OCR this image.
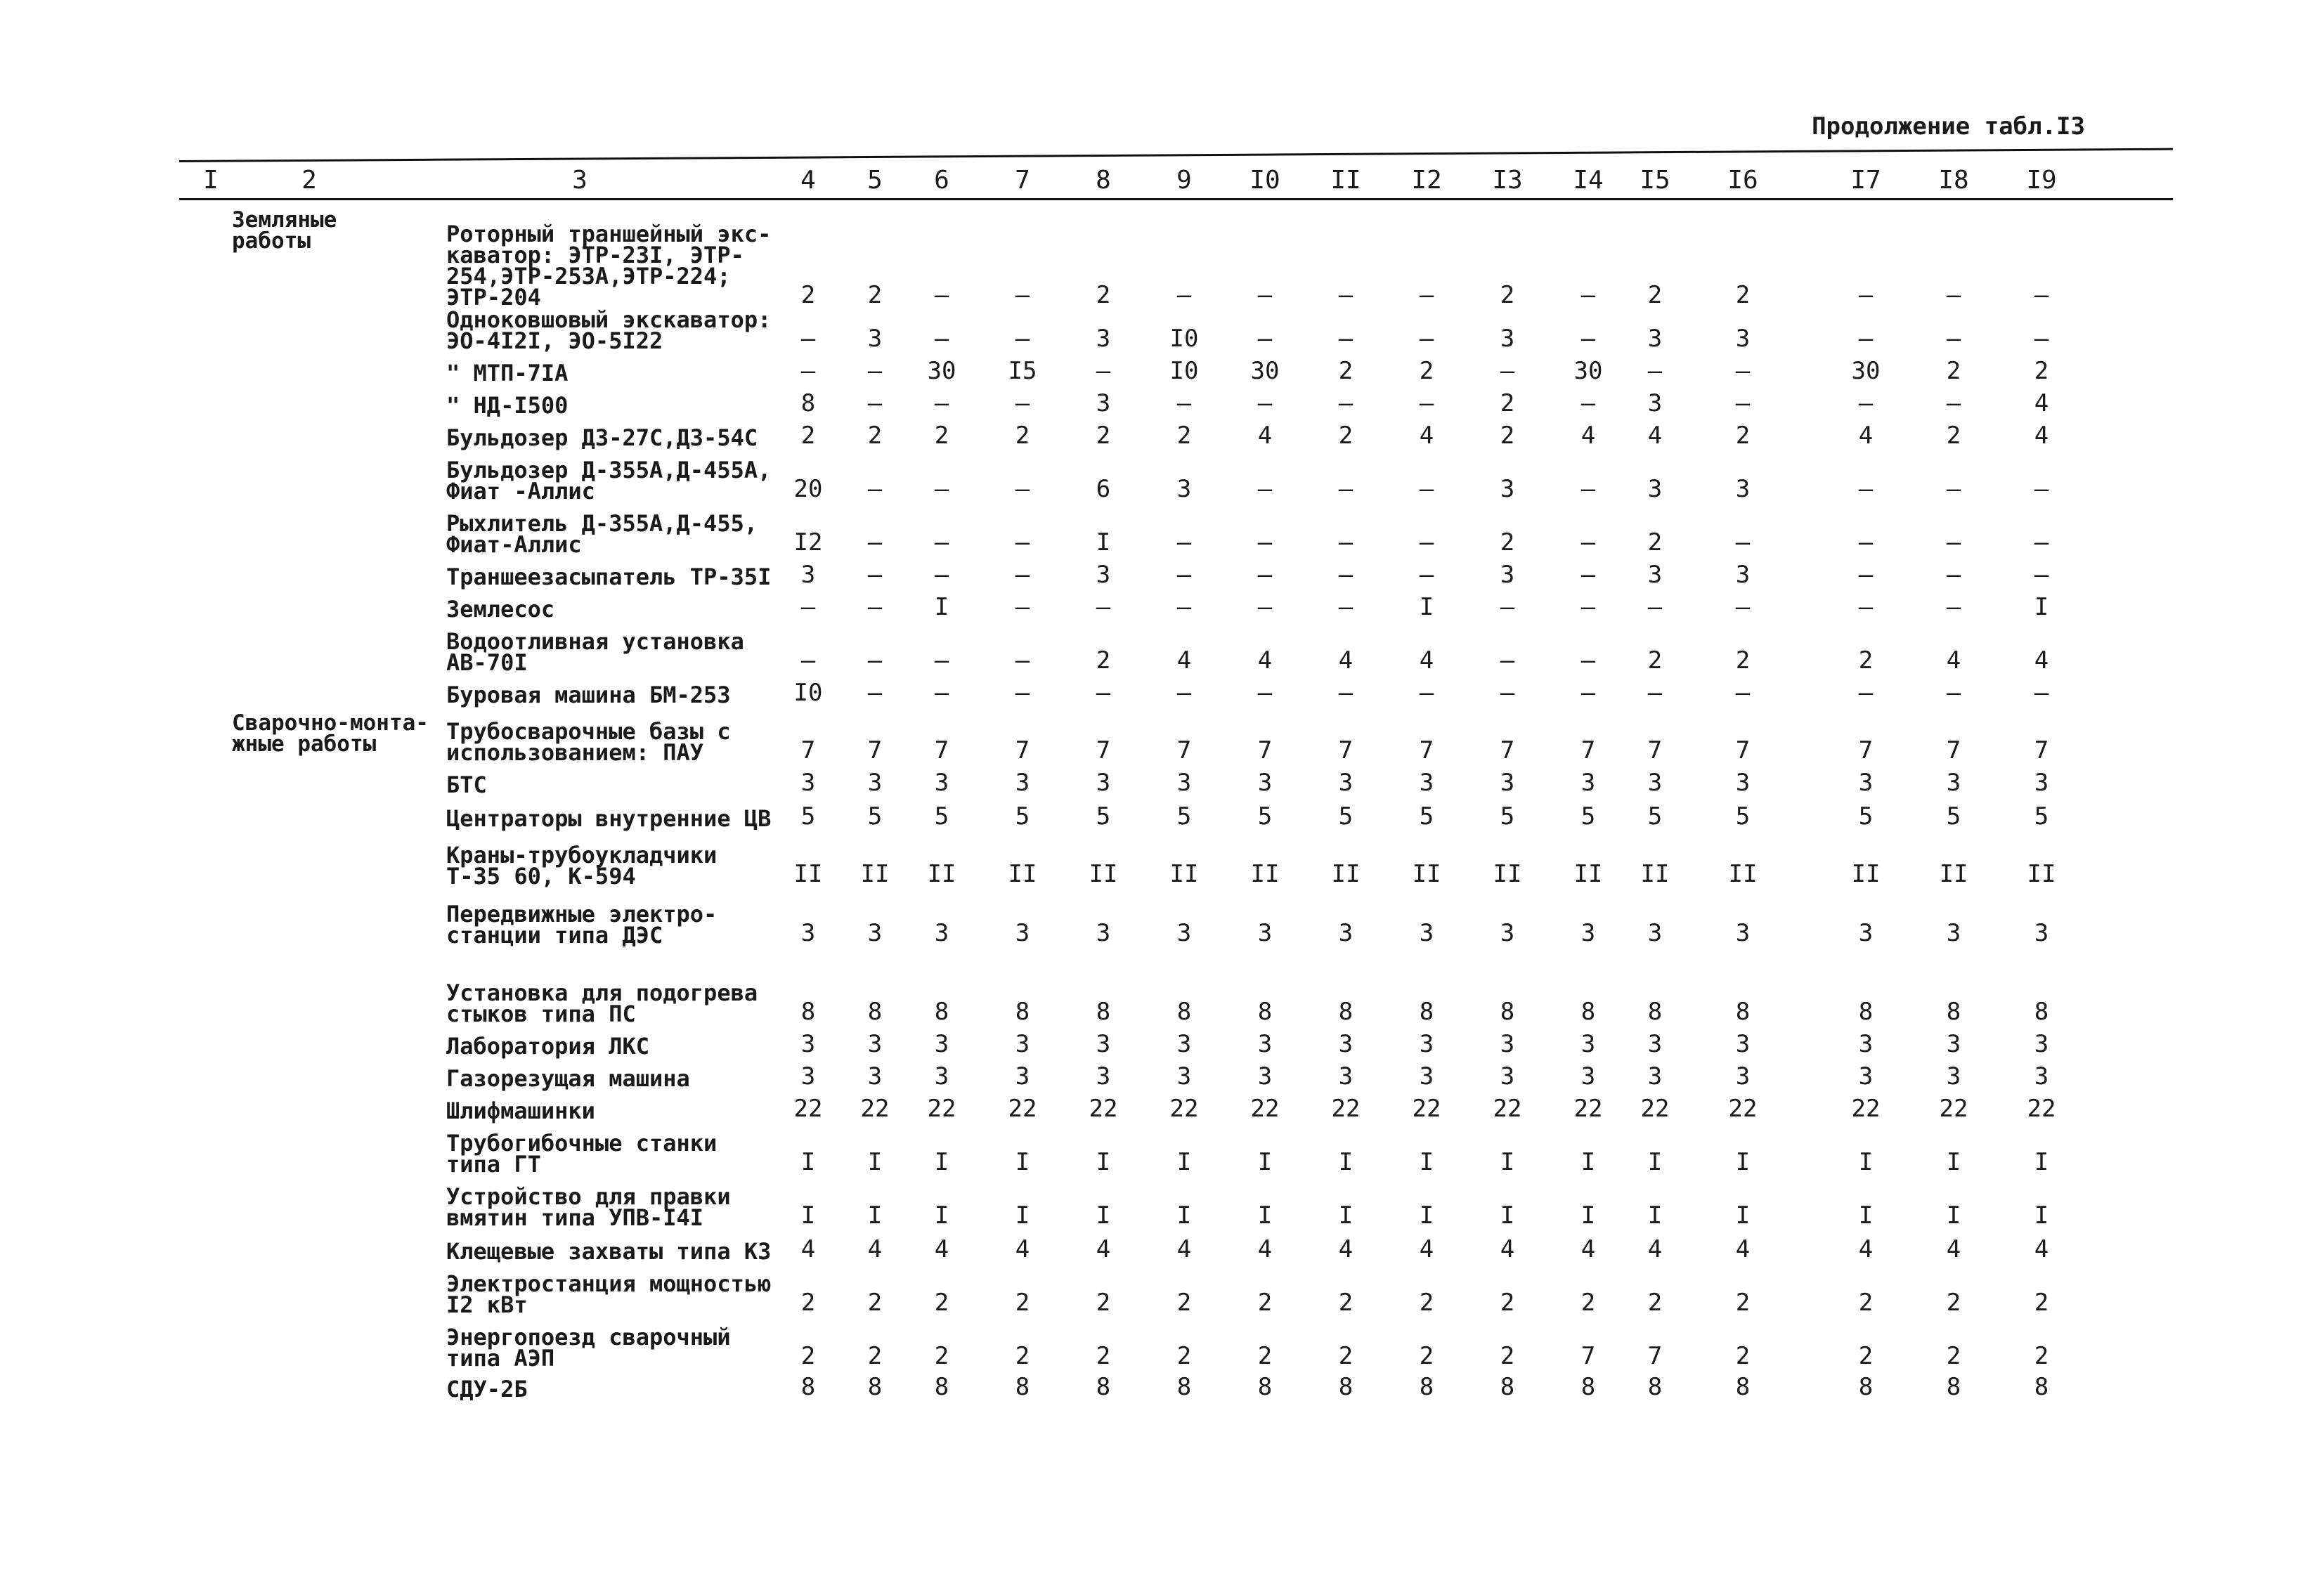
Продолжение табл.I3
I	2	3	4	5	6	7	8	9	I0	II	I2	I3	I4	I5	I6	I7	I8	I9
Земляные
работы	Роторный траншейный экс-
каватор: ЭТР-23I, ЭТР-
254,ЭТР-253А,ЭТР-224;
ЭТР-204	2	2	–	–	2	–	–	–	–	2	–	2	2	–	–	–
Одноковшовый экскаватор:
ЭО-4I2I, ЭО-5I22	–	3	–	–	3	I0	–	–	–	3	–	3	3	–	–	–
" МТП-7IА	–	–	30	I5	–	I0	30	2	2	–	30	–	–	30	2	2
" НД-I500	8	–	–	–	3	–	–	–	–	2	–	3	–	–	–	4
Бульдозер ДЗ-27С,ДЗ-54С	2	2	2	2	2	2	4	2	4	2	4	4	2	4	2	4
Бульдозер Д-355А,Д-455А,
Фиат -Аллис	20	–	–	–	6	3	–	–	–	3	–	3	3	–	–	–
Рыхлитель Д-355А,Д-455,
Фиат-Аллис	I2	–	–	–	I	–	–	–	–	2	–	2	–	–	–	–
Траншеезасыпатель ТР-35I	3	–	–	–	3	–	–	–	–	3	–	3	3	–	–	–
Землесос	–	–	I	–	–	–	–	–	I	–	–	–	–	–	–	I
Водоотливная установка
АВ-70I	–	–	–	–	2	4	4	4	4	–	–	2	2	2	4	4
Буровая машина БМ-253	I0	–	–	–	–	–	–	–	–	–	–	–	–	–	–	–
Сварочно-монта-
жные работы	Трубосварочные базы с
использованием: ПАУ	7	7	7	7	7	7	7	7	7	7	7	7	7	7	7	7
БТС	3	3	3	3	3	3	3	3	3	3	3	3	3	3	3	3
Центраторы внутренние ЦВ	5	5	5	5	5	5	5	5	5	5	5	5	5	5	5	5
Краны-трубоукладчики
Т-35 60, К-594	II	II	II	II	II	II	II	II	II	II	II	II	II	II	II	II
Передвижные электро-
станции типа ДЭС	3	3	3	3	3	3	3	3	3	3	3	3	3	3	3	3
Установка для подогрева
стыков типа ПС	8	8	8	8	8	8	8	8	8	8	8	8	8	8	8	8
Лаборатория ЛКС	3	3	3	3	3	3	3	3	3	3	3	3	3	3	3	3
Газорезущая машина	3	3	3	3	3	3	3	3	3	3	3	3	3	3	3	3
Шлифмашинки	22	22	22	22	22	22	22	22	22	22	22	22	22	22	22	22
Трубогибочные станки
типа ГТ	I	I	I	I	I	I	I	I	I	I	I	I	I	I	I	I
Устройство для правки
вмятин типа УПВ-I4I	I	I	I	I	I	I	I	I	I	I	I	I	I	I	I	I
Клещевые захваты типа КЗ	4	4	4	4	4	4	4	4	4	4	4	4	4	4	4	4
Электростанция мощностью
I2 кВт	2	2	2	2	2	2	2	2	2	2	2	2	2	2	2	2
Энергопоезд сварочный
типа АЭП	2	2	2	2	2	2	2	2	2	2	7	7	2	2	2	2
СДУ-2Б	8	8	8	8	8	8	8	8	8	8	8	8	8	8	8	8
